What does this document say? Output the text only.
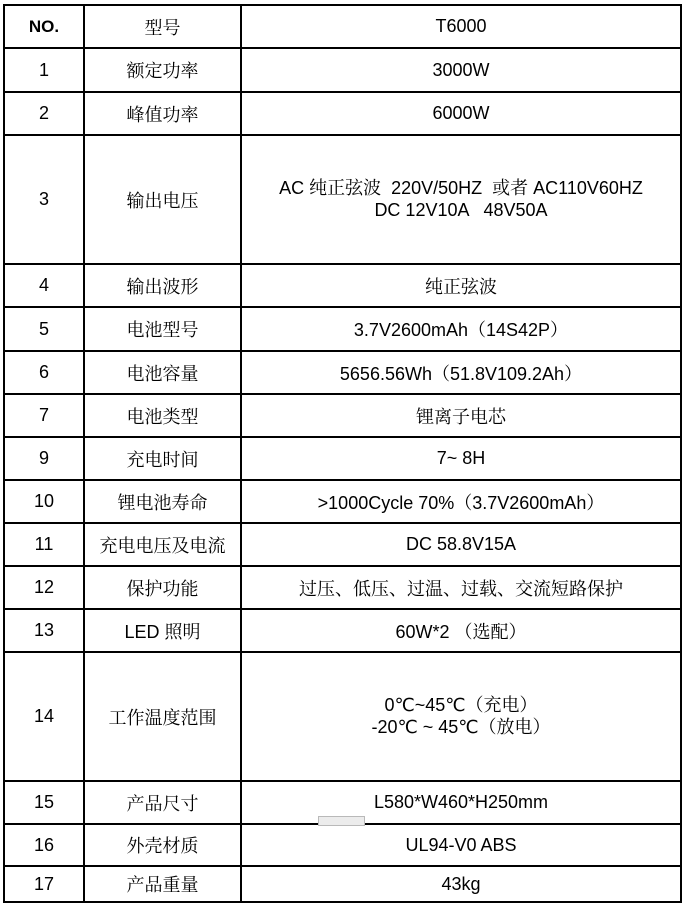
NO.	型号	T6000
1	额定功率	3000W
2	峰值功率	6000W
3	输出电压	AC 纯正弦波  220V/50HZ  或者 AC110V60HZ
DC 12V10A   48V50A

4	输出波形	纯正弦波
5	电池型号	3.7V2600mAh（14S42P）
6	电池容量	5656.56Wh（51.8V109.2Ah）
7	电池类型	锂离子电芯
9	充电时间	7~ 8H
10	锂电池寿命	>1000Cycle 70%（3.7V2600mAh）
11	充电电压及电流	DC 58.8V15A
12	保护功能	过压、低压、过温、过载、交流短路保护
13	LED 照明	60W*2 （选配）
14	工作温度范围	0℃~45℃（充电）
-20℃ ~ 45℃（放电）

15	产品尺寸	L580*W460*H250mm
16	外壳材质	UL94-V0 ABS
17	产品重量	43kg
